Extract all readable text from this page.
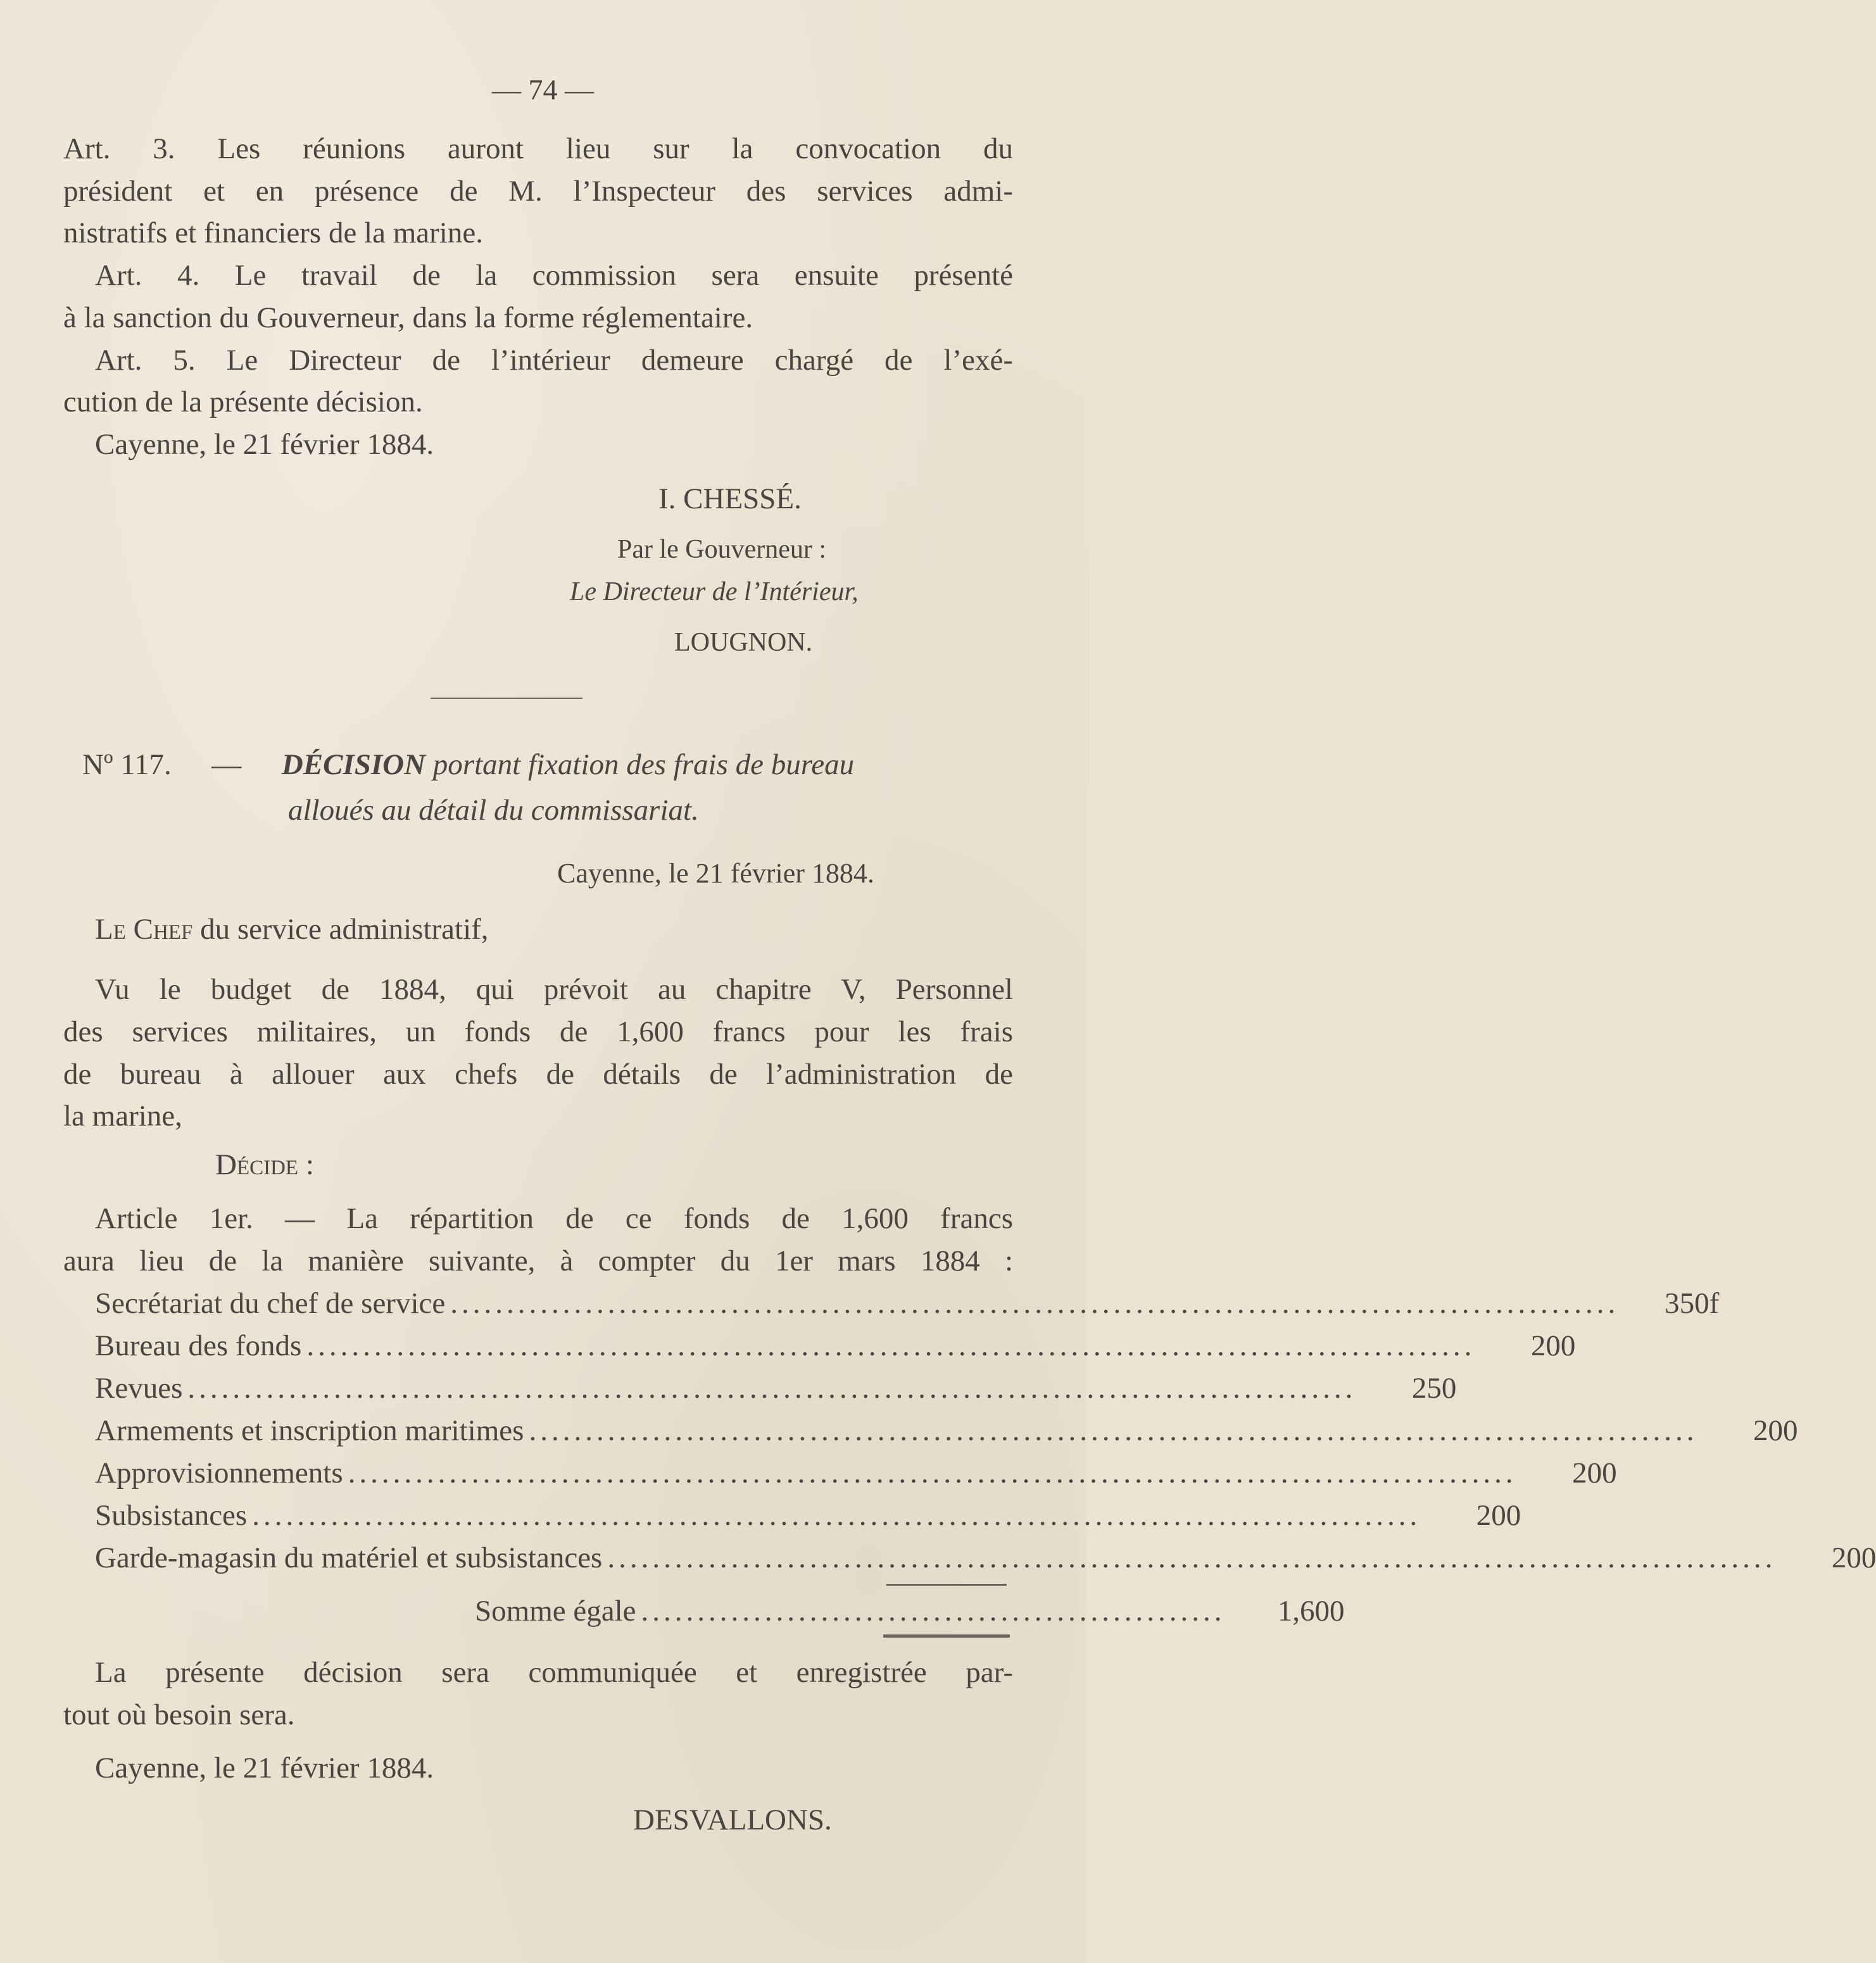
— 74 —
Art. 3. Les réunions auront lieu sur la convocation du
président et en présence de M. l’Inspecteur des services admi-
nistratifs et financiers de la marine.
Art. 4. Le travail de la commission sera ensuite présenté
à la sanction du Gouverneur, dans la forme réglementaire.
Art. 5. Le Directeur de l’intérieur demeure chargé de l’exé-
cution de la présente décision.
Cayenne, le 21 février 1884.
I. CHESSÉ.
Par le Gouverneur :
Le Directeur de l’Intérieur,
LOUGNON.
Nº 117. — DÉCISION portant fixation des frais de bureau
alloués au détail du commissariat.
Cayenne, le 21 février 1884.
Le Chef du service administratif,
Vu le budget de 1884, qui prévoit au chapitre V, Personnel
des services militaires, un fonds de 1,600 francs pour les frais
de bureau à allouer aux chefs de détails de l’administration de
la marine,
Décide :
Article 1er. — La répartition de ce fonds de 1,600 francs
aura lieu de la manière suivante, à compter du 1er mars 1884 :
Secrétariat du chef de service ........................................................................................................	350f
Bureau des fonds ........................................................................................................	200
Revues ........................................................................................................	250
Armements et inscription maritimes ........................................................................................................	200
Approvisionnements ........................................................................................................	200
Subsistances ........................................................................................................	200
Garde-magasin du matériel et subsistances ........................................................................................................	200
Somme égale ....................................................	1,600
La présente décision sera communiquée et enregistrée par-
tout où besoin sera.
Cayenne, le 21 février 1884.
DESVALLONS.
